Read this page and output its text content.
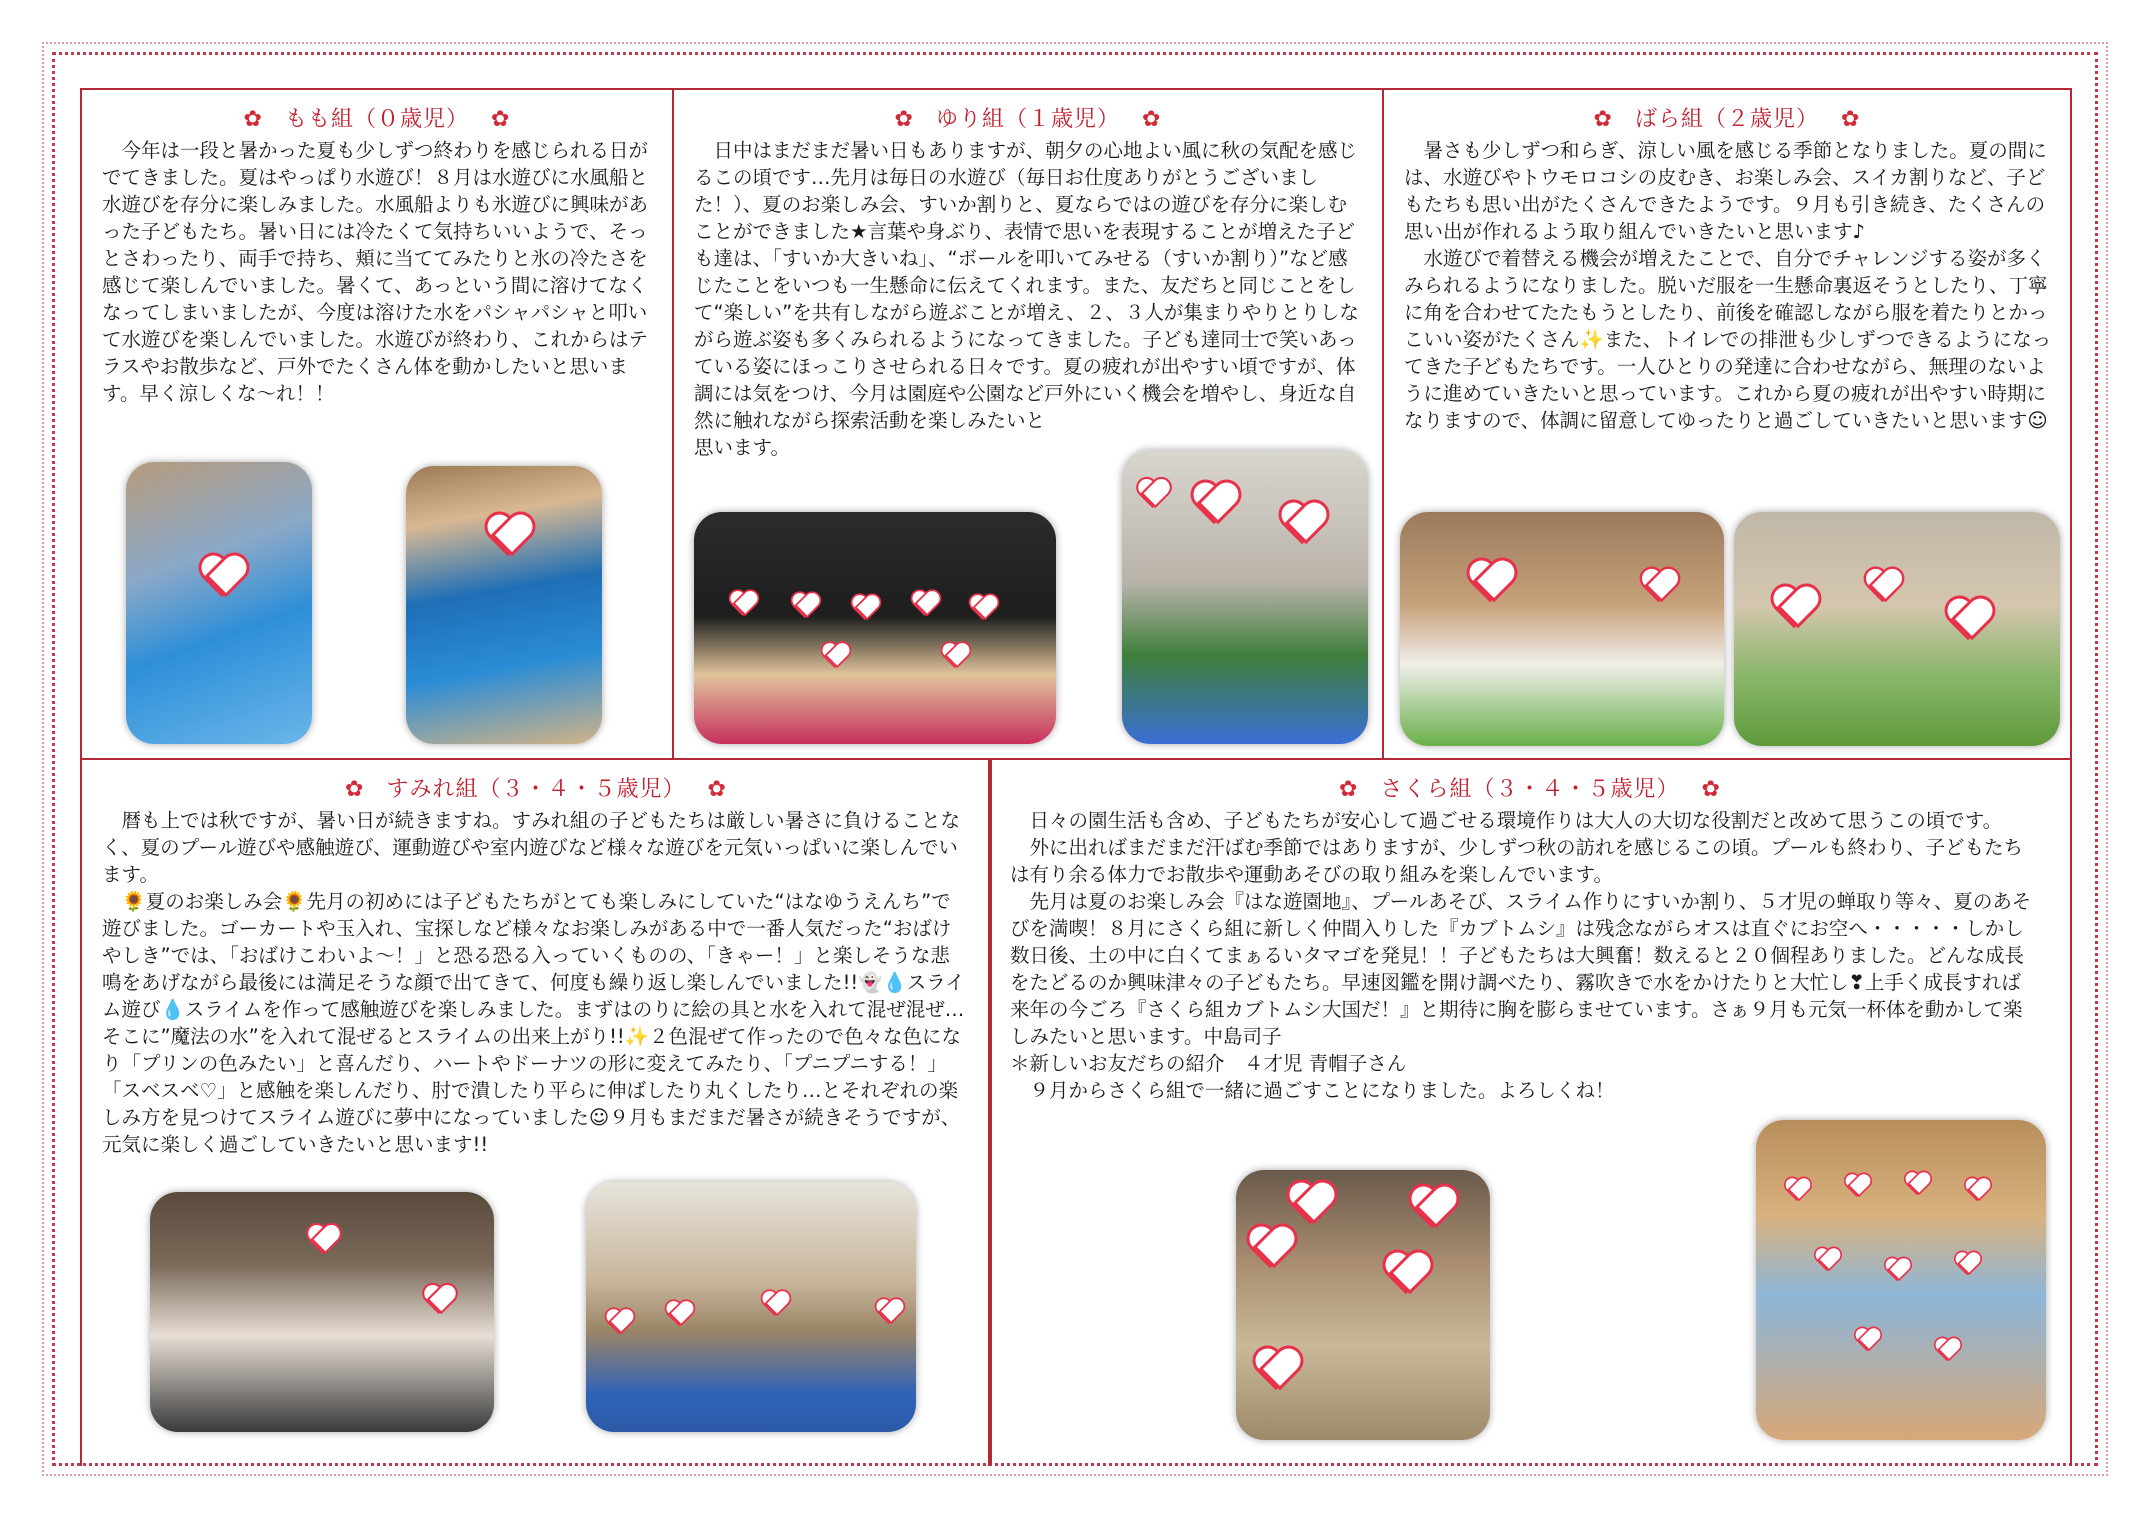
✿ もも組（０歳児） ✿
　今年は一段と暑かった夏も少しずつ終わりを感じられる日がでてきました。夏はやっぱり水遊び！８月は水遊びに水風船と水遊びを存分に楽しみました。水風船よりも氷遊びに興味があった子どもたち。暑い日には冷たくて気持ちいいようで、そっとさわったり、両手で持ち、頬に当ててみたりと氷の冷たさを感じて楽しんでいました。暑くて、あっという間に溶けてなくなってしまいましたが、今度は溶けた水をパシャパシャと叩いて水遊びを楽しんでいました。水遊びが終わり、これからはテラスやお散歩など、戸外でたくさん体を動かしたいと思います。早く涼しくな～れ！！
✿ ゆり組（１歳児） ✿
　日中はまだまだ暑い日もありますが、朝夕の心地よい風に秋の気配を感じるこの頃です…先月は毎日の水遊び（毎日お仕度ありがとうございました！）、夏のお楽しみ会、すいか割りと、夏ならではの遊びを存分に楽しむことができました★言葉や身ぶり、表情で思いを表現することが増えた子ども達は、「すいか大きいね」、“ボールを叩いてみせる（すいか割り）”など感じたことをいつも一生懸命に伝えてくれます。また、友だちと同じことをして“楽しい”を共有しながら遊ぶことが増え、２、３人が集まりやりとりしながら遊ぶ姿も多くみられるようになってきました。子ども達同士で笑いあっている姿にほっこりさせられる日々です。夏の疲れが出やすい頃ですが、体調には気をつけ、今月は園庭や公園など戸外にいく機会を増やし、身近な自然に触れながら探索活動を楽しみたいと
思います。
✿ ばら組（２歳児） ✿
　暑さも少しずつ和らぎ、涼しい風を感じる季節となりました。夏の間には、水遊びやトウモロコシの皮むき、お楽しみ会、スイカ割りなど、子どもたちも思い出がたくさんできたようです。９月も引き続き、たくさんの思い出が作れるよう取り組んでいきたいと思います♪
　水遊びで着替える機会が増えたことで、自分でチャレンジする姿が多くみられるようになりました。脱いだ服を一生懸命裏返そうとしたり、丁寧に角を合わせてたたもうとしたり、前後を確認しながら服を着たりとかっこいい姿がたくさん✨また、トイレでの排泄も少しずつできるようになってきた子どもたちです。一人ひとりの発達に合わせながら、無理のないように進めていきたいと思っています。これから夏の疲れが出やすい時期になりますので、体調に留意してゆったりと過ごしていきたいと思います☺
✿ すみれ組（３・４・５歳児） ✿
　暦も上では秋ですが、暑い日が続きますね。すみれ組の子どもたちは厳しい暑さに負けることなく、夏のプール遊びや感触遊び、運動遊びや室内遊びなど様々な遊びを元気いっぱいに楽しんでいます。
　🌻夏のお楽しみ会🌻先月の初めには子どもたちがとても楽しみにしていた“はなゆうえんち”で遊びました。ゴーカートや玉入れ、宝探しなど様々なお楽しみがある中で一番人気だった“おばけやしき”では、「おばけこわいよ～！」と恐る恐る入っていくものの、「きゃー！」と楽しそうな悲鳴をあげながら最後には満足そうな顔で出てきて、何度も繰り返し楽しんでいました!!👻💧スライム遊び💧スライムを作って感触遊びを楽しみました。まずはのりに絵の具と水を入れて混ぜ混ぜ…そこに”魔法の水”を入れて混ぜるとスライムの出来上がり!!✨２色混ぜて作ったので色々な色になり「プリンの色みたい」と喜んだり、ハートやドーナツの形に変えてみたり、「プニプニする！」「スベスベ♡」と感触を楽しんだり、肘で潰したり平らに伸ばしたり丸くしたり…とそれぞれの楽しみ方を見つけてスライム遊びに夢中になっていました☺９月もまだまだ暑さが続きそうですが、元気に楽しく過ごしていきたいと思います!!
✿ さくら組（３・４・５歳児） ✿
　日々の園生活も含め、子どもたちが安心して過ごせる環境作りは大人の大切な役割だと改めて思うこの頃です。
　外に出ればまだまだ汗ばむ季節ではありますが、少しずつ秋の訪れを感じるこの頃。プールも終わり、子どもたちは有り余る体力でお散歩や運動あそびの取り組みを楽しんでいます。
　先月は夏のお楽しみ会『はな遊園地』、プールあそび、スライム作りにすいか割り、５才児の蝉取り等々、夏のあそびを満喫！８月にさくら組に新しく仲間入りした『カブトムシ』は残念ながらオスは直ぐにお空へ・・・・・しかし数日後、土の中に白くてまぁるいタマゴを発見！！子どもたちは大興奮！数えると２０個程ありました。どんな成長をたどるのか興味津々の子どもたち。早速図鑑を開け調べたり、霧吹きで水をかけたりと大忙し❣上手く成長すれば来年の今ごろ『さくら組カブトムシ大国だ！』と期待に胸を膨らませています。さぁ９月も元気一杯体を動かして楽しみたいと思います。中島司子
＊新しいお友だちの紹介　４才児 青帽子さん
　９月からさくら組で一緒に過ごすことになりました。よろしくね！
